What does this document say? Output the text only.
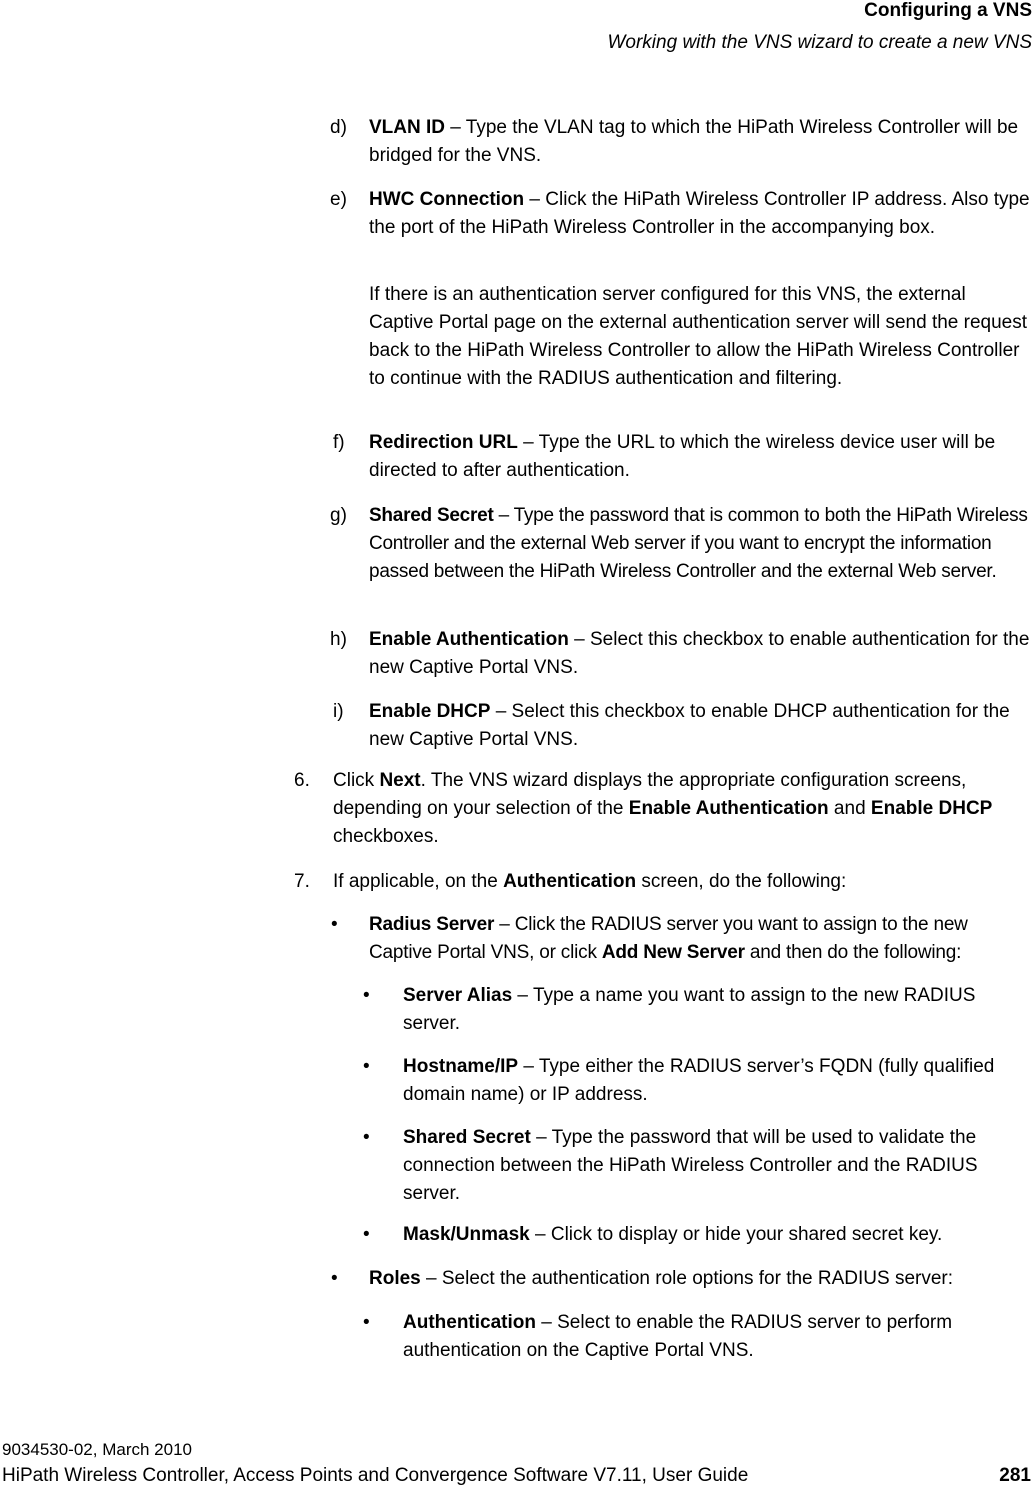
Configuring a VNS
Working with the VNS wizard to create a new VNS
d) VLAN ID – Type the VLAN tag to which the HiPath Wireless Controller will be bridged for the VNS.
e) HWC Connection – Click the HiPath Wireless Controller IP address. Also type the port of the HiPath Wireless Controller in the accompanying box.
If there is an authentication server configured for this VNS, the external Captive Portal page on the external authentication server will send the request back to the HiPath Wireless Controller to allow the HiPath Wireless Controller to continue with the RADIUS authentication and filtering.
f) Redirection URL – Type the URL to which the wireless device user will be directed to after authentication.
g) Shared Secret – Type the password that is common to both the HiPath Wireless Controller and the external Web server if you want to encrypt the information passed between the HiPath Wireless Controller and the external Web server.
h) Enable Authentication – Select this checkbox to enable authentication for the new Captive Portal VNS.
i) Enable DHCP – Select this checkbox to enable DHCP authentication for the new Captive Portal VNS.
6. Click Next. The VNS wizard displays the appropriate configuration screens, depending on your selection of the Enable Authentication and Enable DHCP checkboxes.
7. If applicable, on the Authentication screen, do the following:
• Radius Server – Click the RADIUS server you want to assign to the new Captive Portal VNS, or click Add New Server and then do the following:
• Server Alias – Type a name you want to assign to the new RADIUS server.
• Hostname/IP – Type either the RADIUS server’s FQDN (fully qualified domain name) or IP address.
• Shared Secret – Type the password that will be used to validate the connection between the HiPath Wireless Controller and the RADIUS server.
• Mask/Unmask – Click to display or hide your shared secret key.
• Roles – Select the authentication role options for the RADIUS server:
• Authentication – Select to enable the RADIUS server to perform authentication on the Captive Portal VNS.
9034530-02, March 2010
HiPath Wireless Controller, Access Points and Convergence Software V7.11, User Guide	281
